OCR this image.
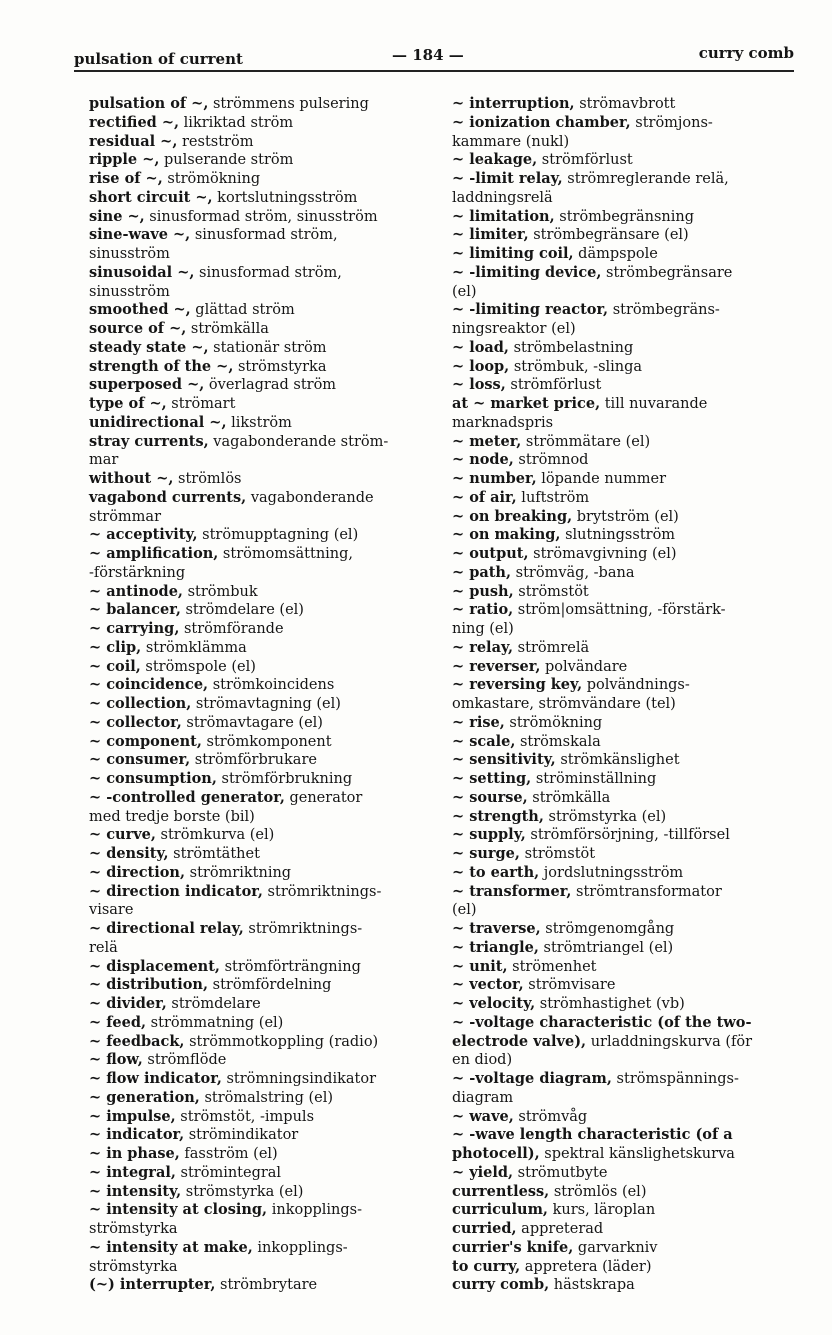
pulsation of current	— 184 —	curry comb
pulsation of ~, strömmens pulsering
rectified ~, likriktad ström
residual ~, restström
ripple ~, pulserande ström
rise of ~, strömökning
short circuit ~, kortslutningsström
sine ~, sinusformad ström, sinusström
sine-wave ~, sinusformad ström,
sinusström
sinusoidal ~, sinusformad ström,
sinusström
smoothed ~, glättad ström
source of ~, strömkälla
steady state ~, stationär ström
strength of the ~, strömstyrka
superposed ~, överlagrad ström
type of ~, strömart
unidirectional ~, likström
stray currents, vagabonderande ström-
mar
without ~, strömlös
vagabond currents, vagabonderande
strömmar
~ acceptivity, strömupptagning (el)
~ amplification, strömomsättning,
-förstärkning
~ antinode, strömbuk
~ balancer, strömdelare (el)
~ carrying, strömförande
~ clip, strömklämma
~ coil, strömspole (el)
~ coincidence, strömkoincidens
~ collection, strömavtagning (el)
~ collector, strömavtagare (el)
~ component, strömkomponent
~ consumer, strömförbrukare
~ consumption, strömförbrukning
~ -controlled generator, generator
med tredje borste (bil)
~ curve, strömkurva (el)
~ density, strömtäthet
~ direction, strömriktning
~ direction indicator, strömriktnings-
visare
~ directional relay, strömriktnings-
relä
~ displacement, strömförträngning
~ distribution, strömfördelning
~ divider, strömdelare
~ feed, strömmatning (el)
~ feedback, strömmotkoppling (radio)
~ flow, strömflöde
~ flow indicator, strömningsindikator
~ generation, strömalstring (el)
~ impulse, strömstöt, -impuls
~ indicator, strömindikator
~ in phase, fasström (el)
~ integral, strömintegral
~ intensity, strömstyrka (el)
~ intensity at closing, inkopplings-
strömstyrka
~ intensity at make, inkopplings-
strömstyrka
(~) interrupter, strömbrytare
~ interruption, strömavbrott
~ ionization chamber, strömjons-
kammare (nukl)
~ leakage, strömförlust
~ -limit relay, strömreglerande relä,
laddningsrelä
~ limitation, strömbegränsning
~ limiter, strömbegränsare (el)
~ limiting coil, dämpspole
~ -limiting device, strömbegränsare
(el)
~ -limiting reactor, strömbegräns-
ningsreaktor (el)
~ load, strömbelastning
~ loop, strömbuk, -slinga
~ loss, strömförlust
at ~ market price, till nuvarande
marknadspris
~ meter, strömmätare (el)
~ node, strömnod
~ number, löpande nummer
~ of air, luftström
~ on breaking, brytström (el)
~ on making, slutningsström
~ output, strömavgivning (el)
~ path, strömväg, -bana
~ push, strömstöt
~ ratio, ström|omsättning, -förstärk-
ning (el)
~ relay, strömrelä
~ reverser, polvändare
~ reversing key, polvändnings-
omkastare, strömvändare (tel)
~ rise, strömökning
~ scale, strömskala
~ sensitivity, strömkänslighet
~ setting, ströminställning
~ sourse, strömkälla
~ strength, strömstyrka (el)
~ supply, strömförsörjning, -tillförsel
~ surge, strömstöt
~ to earth, jordslutningsström
~ transformer, strömtransformator
(el)
~ traverse, strömgenomgång
~ triangle, strömtriangel (el)
~ unit, strömenhet
~ vector, strömvisare
~ velocity, strömhastighet (vb)
~ -voltage characteristic (of the two-
electrode valve), urladdningskurva (för
en diod)
~ -voltage diagram, strömspännings-
diagram
~ wave, strömvåg
~ -wave length characteristic (of a
photocell), spektral känslighetskurva
~ yield, strömutbyte
currentless, strömlös (el)
curriculum, kurs, läroplan
curried, appreterad
currier's knife, garvarkniv
to curry, appretera (läder)
curry comb, hästskrapa
